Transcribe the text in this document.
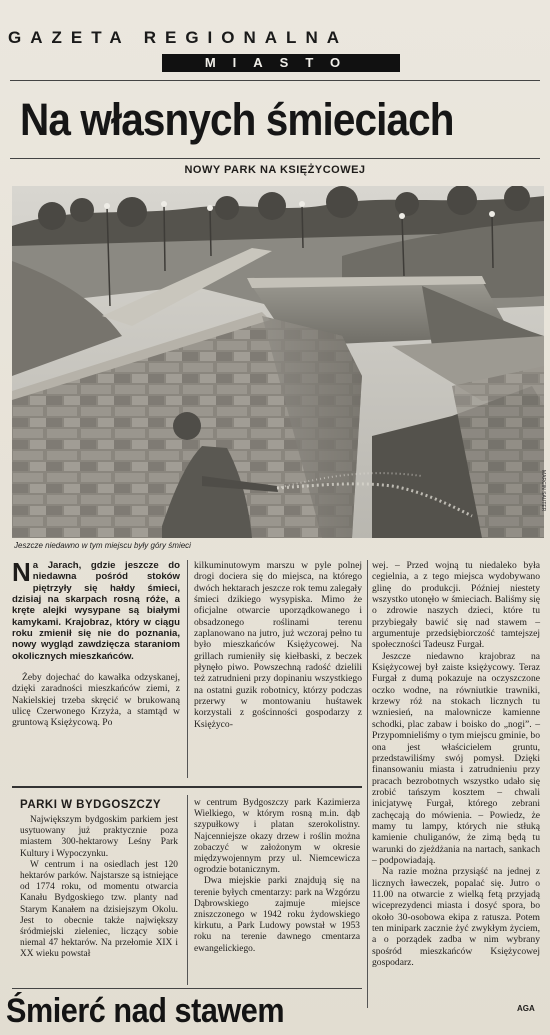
GAZETA REGIONALNA
MIASTO
Na własnych śmieciach
NOWY PARK NA KSIĘŻYCOWEJ
MARCIN SAUTER
Jeszcze niedawno w tym miejscu były góry śmieci

Na Jarach, gdzie jeszcze do niedawna pośród stoków piętrzyły się hałdy śmieci, dzisiaj na skarpach rosną róże, a kręte alejki wysypane są białymi kamykami. Krajobraz, który w ciągu roku zmienił się nie do poznania, nowy wygląd zawdzięcza staraniom okolicznych mieszkańców.

Żeby dojechać do kawałka odzyskanej, dzięki zaradności mieszkańców ziemi, z Nakielskiej trzeba skręcić w brukowaną ulicę Czerwonego Krzyża, a stamtąd w gruntową Księżycową. Po

kilkuminutowym marszu w pyle polnej drogi dociera się do miejsca, na którego dwóch hektarach jeszcze rok temu zalegały śmieci dzikiego wysypiska. Mimo że oficjalne otwarcie uporządkowanego i obsadzonego roślinami terenu zaplanowano na jutro, już wczoraj pełno tu było mieszkańców Księżycowej. Na grillach rumieniły się kiełbaski, z beczek płynęło piwo. Powszechną radość dzielili też zatrudnieni przy dopinaniu wszystkiego na ostatni guzik robotnicy, którzy podczas przerwy w montowaniu huśtawek korzystali z gościnności gospodarzy z Księżyco-

wej. – Przed wojną tu niedaleko była cegielnia, a z tego miejsca wydobywano glinę do produkcji. Później niestety wszystko utonęło w śmieciach. Baliśmy się o zdrowie naszych dzieci, które tu przybiegały bawić się nad stawem – argumentuje przedsiębiorczość tamtejszej społeczności Tadeusz Furgał.

Jeszcze niedawno krajobraz na Księżycowej był zaiste księżycowy. Teraz Furgał z dumą pokazuje na oczyszczone oczko wodne, na równiutkie trawniki, krzewy róż na stokach licznych tu wzniesień, na malownicze kamienne schodki, plac zabaw i boisko do „nogi”. – Przypomnieliśmy o tym miejscu gminie, bo ona jest właścicielem gruntu, przedstawiliśmy swój pomysł. Dzięki finansowaniu miasta i zatrudnieniu przy pracach bezrobotnych wszystko udało się zrobić tańszym kosztem – chwali inicjatywę Furgał, którego zebrani zachęcają do mówienia. – Powiedz, że mamy tu lampy, których nie stłuką kamienie chuliganów, że zimą będą tu warunki do zjeżdżania na nartach, sankach – podpowiadają.

Na razie można przysiąść na jednej z licznych ławeczek, popalać się. Jutro o 11.00 na otwarcie z wielką fetą przyjadą wiceprezydenci miasta i dosyć spora, bo około 30-osobowa ekipa z ratusza. Potem ten minipark zacznie żyć zwykłym życiem, a o porządek zadba w nim wybrany spośród mieszkańców Księżycowej gospodarz.

PARKI W BYDGOSZCZY

Największym bydgoskim parkiem jest usytuowany już praktycznie poza miastem 300-hektarowy Leśny Park Kultury i Wypoczynku.

W centrum i na osiedlach jest 120 hektarów parków. Najstarsze są istniejące od 1774 roku, od momentu otwarcia Kanału Bydgoskiego tzw. planty nad Starym Kanałem na dzisiejszym Okolu. Jest to obecnie także największy śródmiejski zieleniec, liczący sobie niemal 47 hektarów. Na przełomie XIX i XX wieku powstał

w centrum Bydgoszczy park Kazimierza Wielkiego, w którym rosną m.in. dąb szypułkowy i platan szerokolistny. Najcenniejsze okazy drzew i roślin można zobaczyć w założonym w okresie międzywojennym przy ul. Niemcewicza ogrodzie botanicznym.

Dwa miejskie parki znajdują się na terenie byłych cmentarzy: park na Wzgórzu Dąbrowskiego zajmuje miejsce zniszczonego w 1942 roku żydowskiego kirkutu, a Park Ludowy powstał w 1953 roku na terenie dawnego cmentarza ewangelickiego.

Śmierć nad stawem	AGA
